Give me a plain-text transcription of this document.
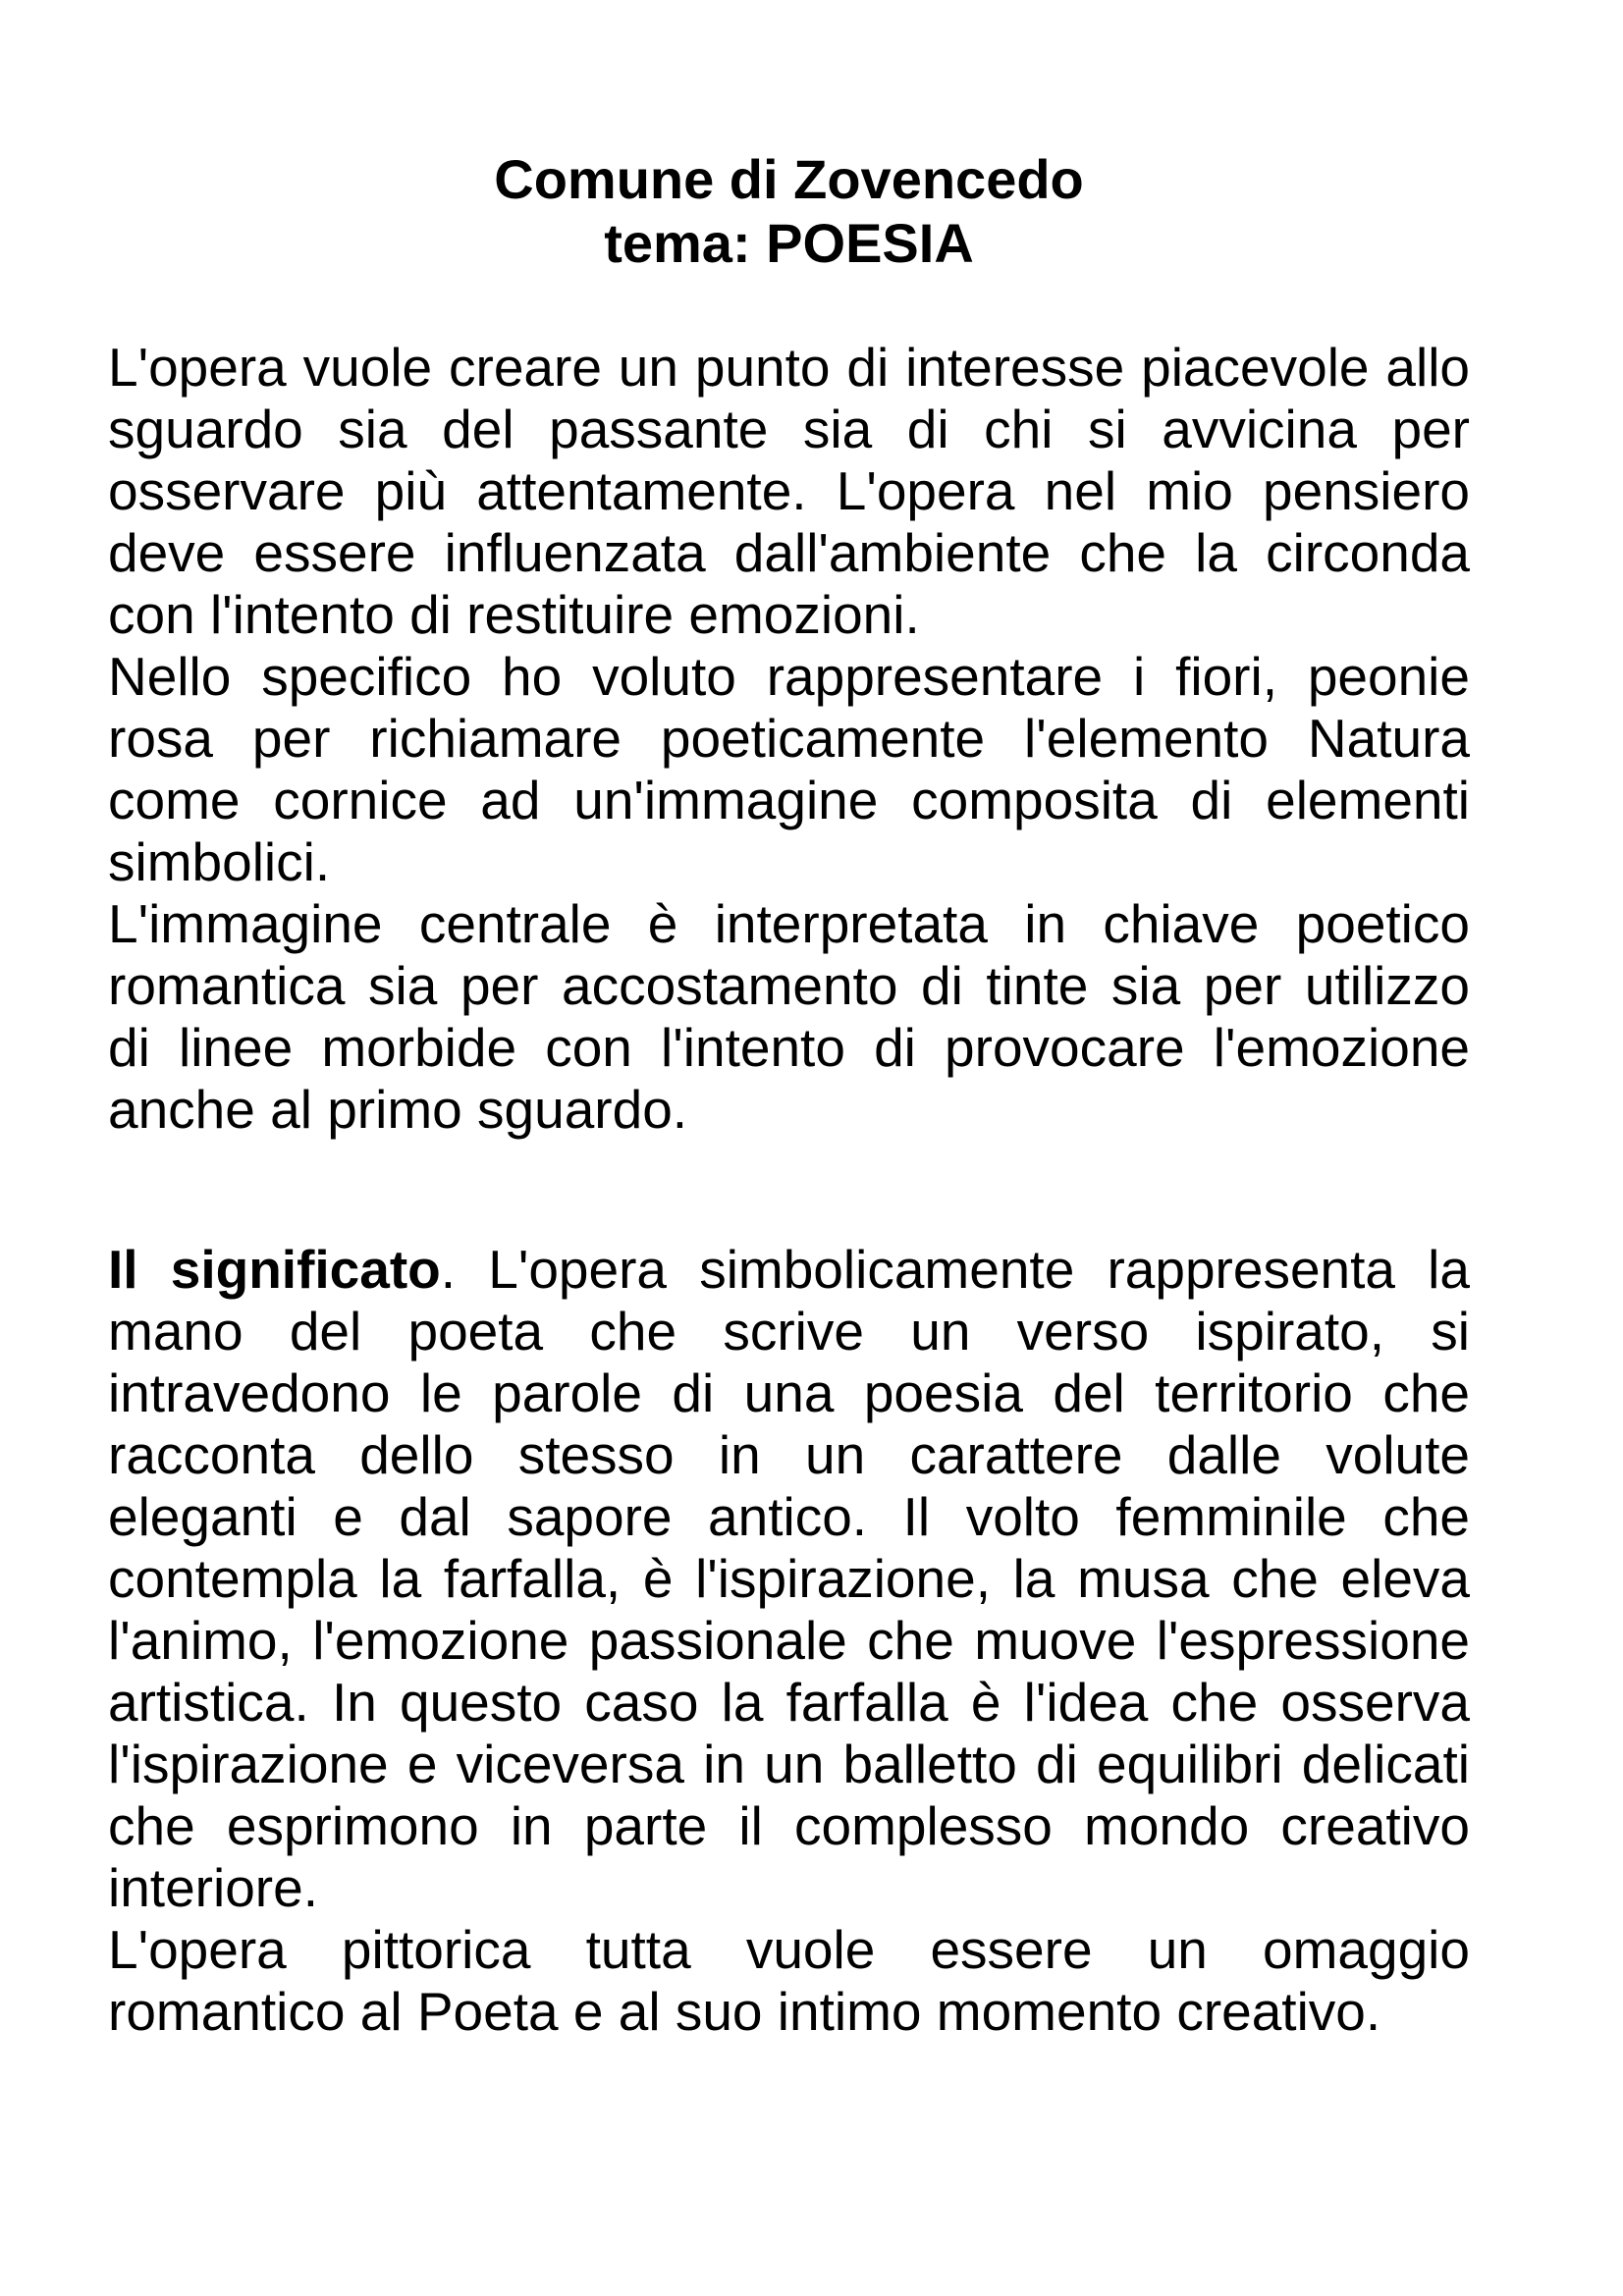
Comune di Zovencedo
tema: POESIA
L'opera vuole creare un punto di interesse piacevole allo
sguardo sia del passante sia di chi si avvicina per
osservare più attentamente. L'opera nel mio pensiero
deve essere influenzata dall'ambiente che la circonda
con l'intento di restituire emozioni.
Nello specifico ho voluto rappresentare i fiori, peonie
rosa per richiamare poeticamente l'elemento Natura
come cornice ad un'immagine composita di elementi
simbolici.
L'immagine centrale è interpretata in chiave poetico
romantica sia per accostamento di tinte sia per utilizzo
di linee morbide con l'intento di provocare l'emozione
anche al primo sguardo.
Il significato. L'opera simbolicamente rappresenta la
mano del poeta che scrive un verso ispirato, si
intravedono le parole di una poesia del territorio che
racconta dello stesso in un carattere dalle volute
eleganti e dal sapore antico. Il volto femminile che
contempla la farfalla, è l'ispirazione, la musa che eleva
l'animo, l'emozione passionale che muove l'espressione
artistica. In questo caso la farfalla è l'idea che osserva
l'ispirazione e viceversa in un balletto di equilibri delicati
che esprimono in parte il complesso mondo creativo
interiore.
L'opera pittorica tutta vuole essere un omaggio
romantico al Poeta e al suo intimo momento creativo.
